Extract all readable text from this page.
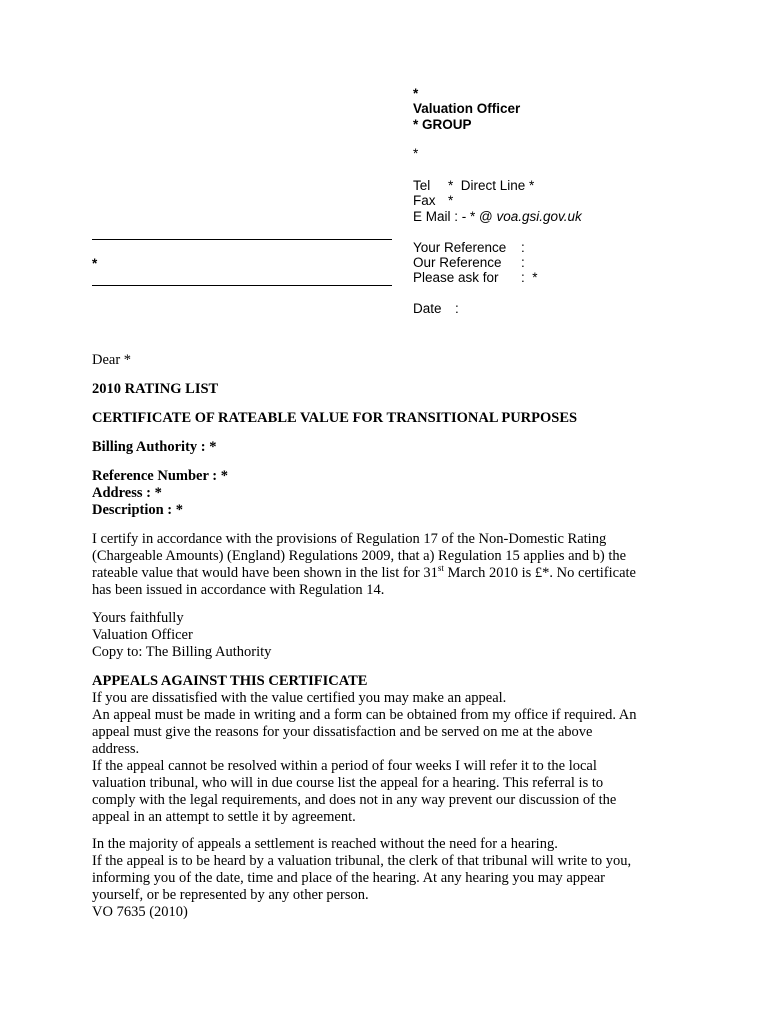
*
Valuation Officer
* GROUP
*
Tel * Direct Line *
Fax *
E Mail : - * @ voa.gsi.gov.uk
*
Your Reference :
Our Reference :
Please ask for :  *
Date :
Dear *
2010 RATING LIST
CERTIFICATE OF RATEABLE VALUE FOR TRANSITIONAL PURPOSES
Billing Authority : *
Reference Number : *
Address : *
Description : *
I certify in accordance with the provisions of Regulation 17 of the Non-Domestic Rating
(Chargeable Amounts) (England) Regulations 2009, that a) Regulation 15 applies and b) the
rateable value that would have been shown in the list for 31st March 2010 is £*. No certificate
has been issued in accordance with Regulation 14.
Yours faithfully
Valuation Officer
Copy to: The Billing Authority
APPEALS AGAINST THIS CERTIFICATE
If you are dissatisfied with the value certified you may make an appeal.
An appeal must be made in writing and a form can be obtained from my office if required. An
appeal must give the reasons for your dissatisfaction and be served on me at the above
address.
If the appeal cannot be resolved within a period of four weeks I will refer it to the local
valuation tribunal, who will in due course list the appeal for a hearing. This referral is to
comply with the legal requirements, and does not in any way prevent our discussion of the
appeal in an attempt to settle it by agreement.
In the majority of appeals a settlement is reached without the need for a hearing.
If the appeal is to be heard by a valuation tribunal, the clerk of that tribunal will write to you,
informing you of the date, time and place of the hearing. At any hearing you may appear
yourself, or be represented by any other person.
VO 7635 (2010)
